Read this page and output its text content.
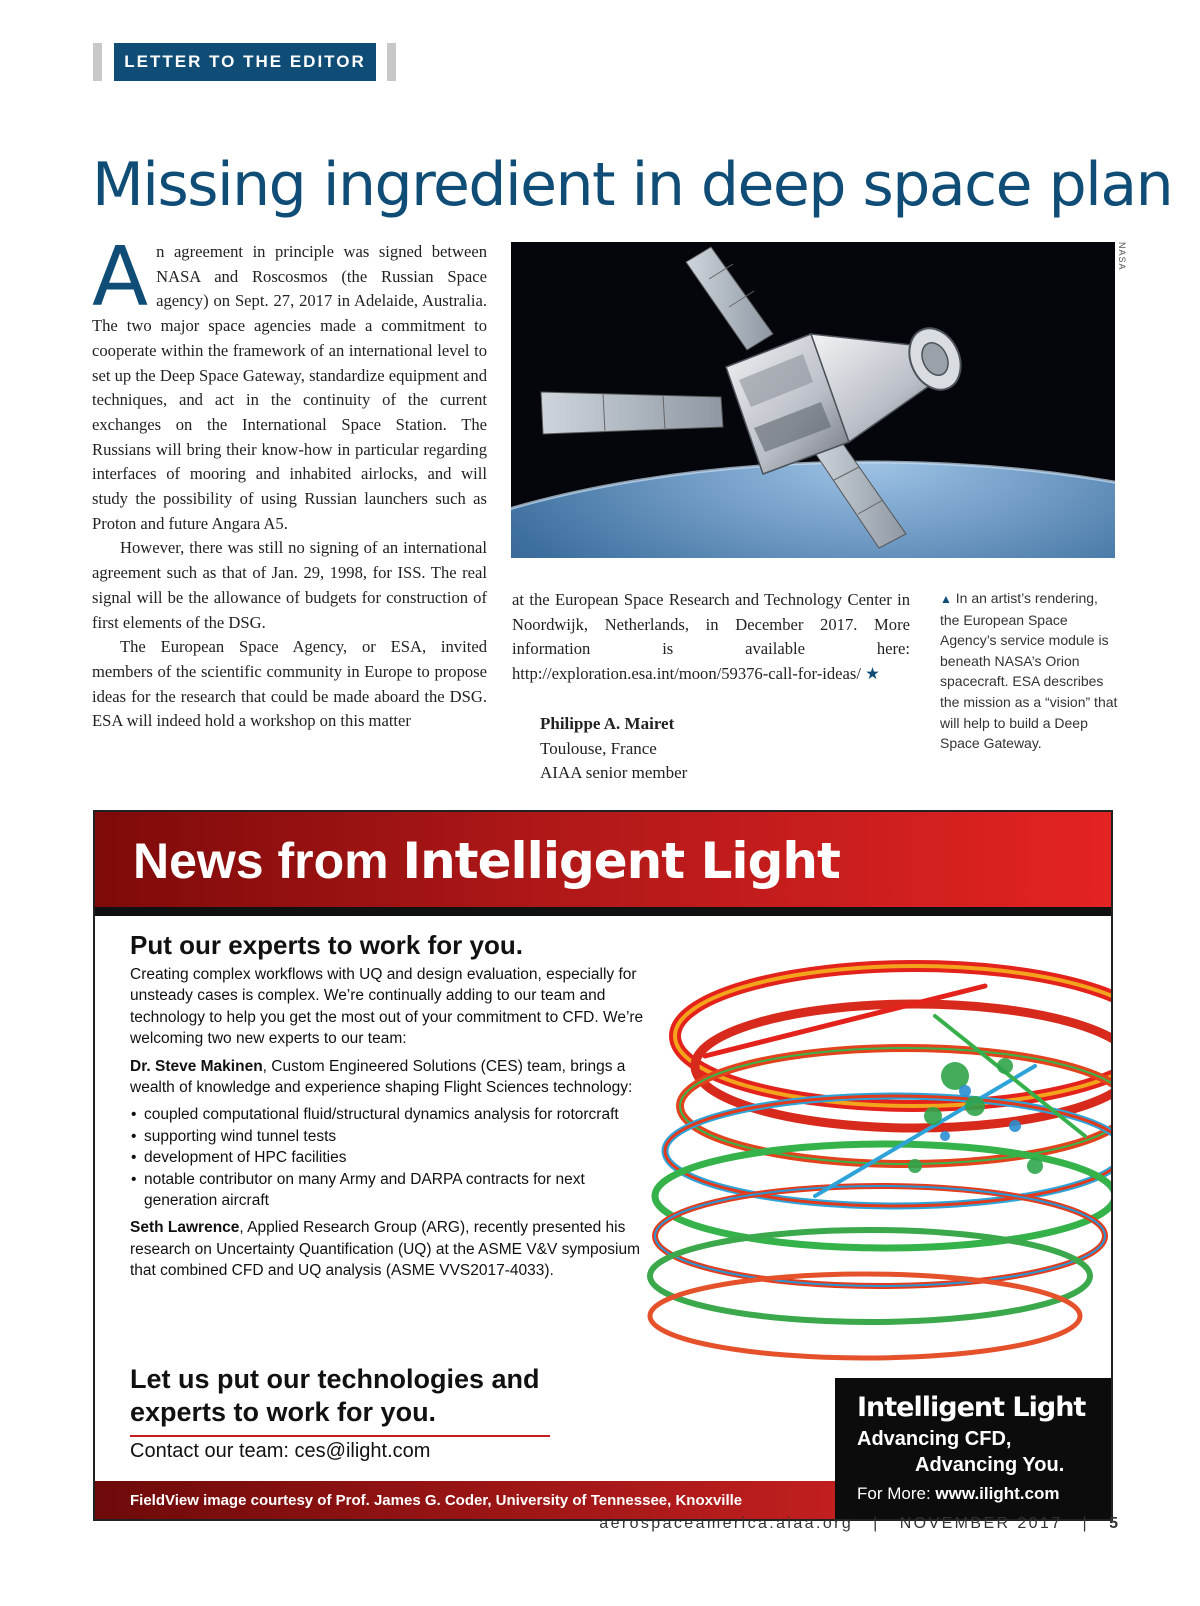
LETTER TO THE EDITOR
Missing ingredient in deep space plan
A n agreement in principle was signed between NASA and Roscosmos (the Russian Space agency) on Sept. 27, 2017 in Adelaide, Australia. The two major space agencies made a commitment to cooperate within the framework of an international level to set up the Deep Space Gateway, standardize equipment and techniques, and act in the continuity of the current exchanges on the International Space Station. The Russians will bring their know-how in particular regarding interfaces of mooring and inhabited airlocks, and will study the possibility of using Russian launchers such as Proton and future Angara A5.

However, there was still no signing of an international agreement such as that of Jan. 29, 1998, for ISS. The real signal will be the allowance of budgets for construction of first elements of the DSG.

The European Space Agency, or ESA, invited members of the scientific community in Europe to propose ideas for the research that could be made aboard the DSG. ESA will indeed hold a workshop on this matter

NASA

at the European Space Research and Technology Center in Noordwijk, Netherlands, in December 2017. More information is available here: http://exploration.esa.int/moon/59376-call-for-ideas/ ★

Philippe A. Mairet
Toulouse, France
AIAA senior member
▲ In an artist’s rendering, the European Space Agency’s service module is beneath NASA’s Orion spacecraft. ESA describes the mission as a “vision” that will help to build a Deep Space Gateway.
News from Intelligent Light
Put our experts to work for you.

Creating complex workflows with UQ and design evaluation, especially for unsteady cases is complex. We’re continually adding to our team and technology to help you get the most out of your commitment to CFD. We’re welcoming two new experts to our team:

Dr. Steve Makinen, Custom Engineered Solutions (CES) team, brings a wealth of knowledge and experience shaping Flight Sciences technology:

• coupled computational fluid/structural dynamics analysis for rotorcraft
• supporting wind tunnel tests
• development of HPC facilities
• notable contributor on many Army and DARPA contracts for next generation aircraft

Seth Lawrence, Applied Research Group (ARG), recently presented his research on Uncertainty Quantification (UQ) at the ASME V&V symposium that combined CFD and UQ analysis (ASME VVS2017-4033).

Let us put our technologies and experts to work for you.
Contact our team: ces@ilight.com
FieldView image courtesy of Prof. James G. Coder, University of Tennessee, Knoxville
Intelligent Light
Advancing CFD,
Advancing You.
For More: www.ilight.com
aerospaceamerica.aiaa.org | NOVEMBER 2017 | 5
